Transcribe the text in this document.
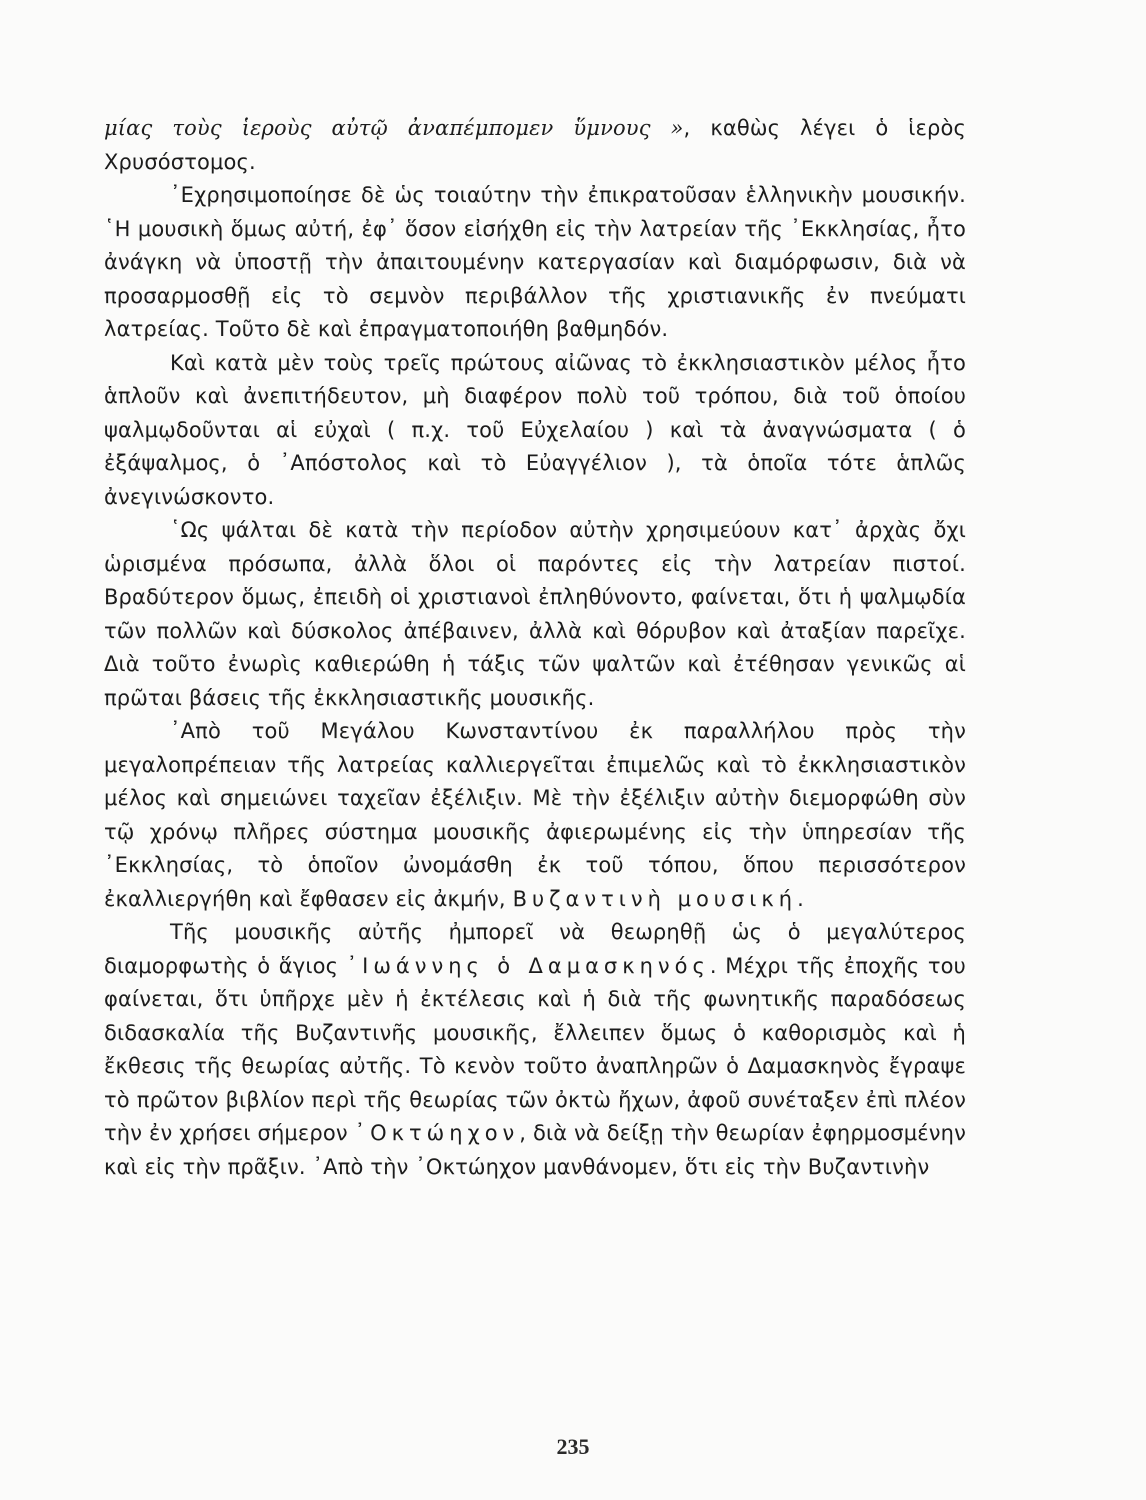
μίας τοὺς ἱεροὺς αὐτῷ ἀναπέμπομεν ὕμνους », καθὼς λέγει ὁ ἱερὸς Χρυσόστομος.

᾿Εχρησιμοποίησε δὲ ὡς τοιαύτην τὴν ἐπικρατοῦσαν ἑλληνικὴν μουσικήν. ῾Η μουσικὴ ὅμως αὐτή, ἐφ᾿ ὅσον εἰσήχθη εἰς τὴν λατρείαν τῆς ᾿Εκκλησίας, ἦτο ἀνάγκη νὰ ὑποστῇ τὴν ἀπαιτουμένην κατεργασίαν καὶ διαμόρφωσιν, διὰ νὰ προσαρμοσθῇ εἰς τὸ σεμνὸν περιβάλλον τῆς χριστιανικῆς ἐν πνεύματι λατρείας. Τοῦτο δὲ καὶ ἐπραγματοποιήθη βαθμηδόν.

Καὶ κατὰ μὲν τοὺς τρεῖς πρώτους αἰῶνας τὸ ἐκκλησιαστικὸν μέλος ἦτο ἁπλοῦν καὶ ἀνεπιτήδευτον, μὴ διαφέρον πολὺ τοῦ τρόπου, διὰ τοῦ ὁποίου ψαλμῳδοῦνται αἱ εὐχαὶ ( π.χ. τοῦ Εὐχελαίου ) καὶ τὰ ἀναγνώσματα ( ὁ ἐξάψαλμος, ὁ ᾿Απόστολος καὶ τὸ Εὐαγγέλιον ), τὰ ὁποῖα τότε ἁπλῶς ἀνεγινώσκοντο.

῾Ως ψάλται δὲ κατὰ τὴν περίοδον αὐτὴν χρησιμεύουν κατ᾿ ἀρχὰς ὄχι ὡρισμένα πρόσωπα, ἀλλὰ ὅλοι οἱ παρόντες εἰς τὴν λατρείαν πιστοί. Βραδύτερον ὅμως, ἐπειδὴ οἱ χριστιανοὶ ἐπληθύνοντο, φαίνεται, ὅτι ἡ ψαλμῳδία τῶν πολλῶν καὶ δύσκολος ἀπέβαινεν, ἀλλὰ καὶ θόρυβον καὶ ἀταξίαν παρεῖχε. Διὰ τοῦτο ἐνωρὶς καθιερώθη ἡ τάξις τῶν ψαλτῶν καὶ ἐτέθησαν γενικῶς αἱ πρῶται βάσεις τῆς ἐκκλησιαστικῆς μουσικῆς.

᾿Απὸ τοῦ Μεγάλου Κωνσταντίνου ἐκ παραλλήλου πρὸς τὴν μεγαλοπρέπειαν τῆς λατρείας καλλιεργεῖται ἐπιμελῶς καὶ τὸ ἐκκλησιαστικὸν μέλος καὶ σημειώνει ταχεῖαν ἐξέλιξιν. Μὲ τὴν ἐξέλιξιν αὐτὴν διεμορφώθη σὺν τῷ χρόνῳ πλῆρες σύστημα μουσικῆς ἀφιερωμένης εἰς τὴν ὑπηρεσίαν τῆς ᾿Εκκλησίας, τὸ ὁποῖον ὠνομάσθη ἐκ τοῦ τόπου, ὅπου περισσότερον ἐκαλλιεργήθη καὶ ἔφθασεν εἰς ἀκμήν, Βυζαντινὴ μουσική.

Τῆς μουσικῆς αὐτῆς ἠμπορεῖ νὰ θεωρηθῇ ὡς ὁ μεγαλύτερος διαμορφωτὴς ὁ ἅγιος ᾿Ιωάννης ὁ Δαμασκηνός. Μέχρι τῆς ἐποχῆς του φαίνεται, ὅτι ὑπῆρχε μὲν ἡ ἐκτέλεσις καὶ ἡ διὰ τῆς φωνητικῆς παραδόσεως διδασκαλία τῆς Βυζαντινῆς μουσικῆς, ἔλλειπεν ὅμως ὁ καθορισμὸς καὶ ἡ ἔκθεσις τῆς θεωρίας αὐτῆς. Τὸ κενὸν τοῦτο ἀναπληρῶν ὁ Δαμασκηνὸς ἔγραψε τὸ πρῶτον βιβλίον περὶ τῆς θεωρίας τῶν ὀκτὼ ἤχων, ἀφοῦ συνέταξεν ἐπὶ πλέον τὴν ἐν χρήσει σήμερον ᾿Οκτώηχον, διὰ νὰ δείξῃ τὴν θεωρίαν ἐφηρμοσμένην καὶ εἰς τὴν πρᾶξιν. ᾿Απὸ τὴν ᾿Οκτώηχον μανθάνομεν, ὅτι εἰς τὴν Βυζαντινὴν

235
